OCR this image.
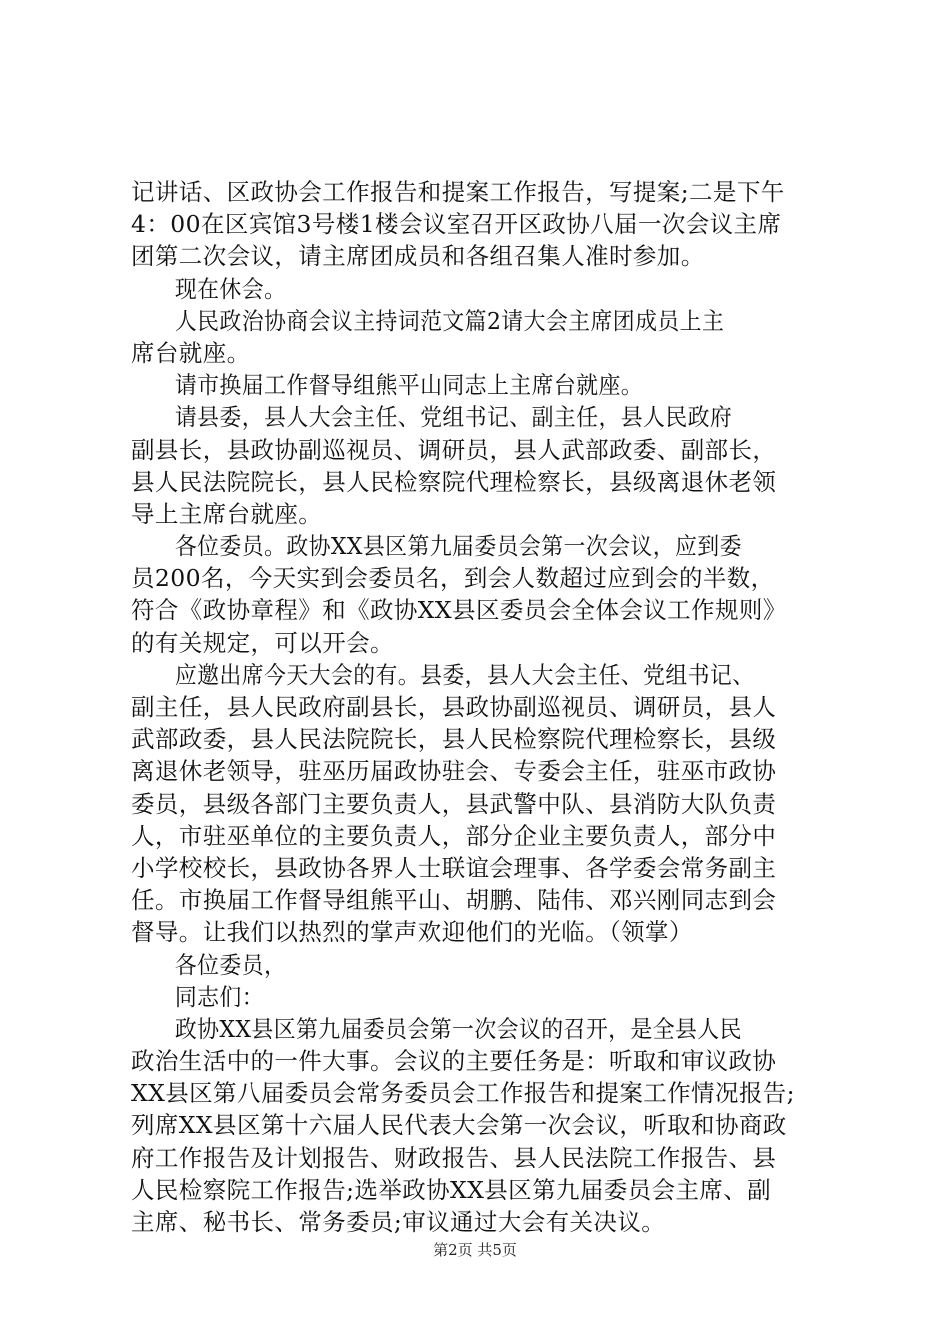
记讲话、区政协会工作报告和提案工作报告，写提案;二是下午
4：00在区宾馆3号楼1楼会议室召开区政协八届一次会议主席
团第二次会议，请主席团成员和各组召集人准时参加。
现在休会。
人民政治协商会议主持词范文篇2请大会主席团成员上主
席台就座。
请市换届工作督导组熊平山同志上主席台就座。
请县委，县人大会主任、党组书记、副主任，县人民政府
副县长，县政协副巡视员、调研员，县人武部政委、副部长，
县人民法院院长，县人民检察院代理检察长，县级离退休老领
导上主席台就座。
各位委员。政协XX县区第九届委员会第一次会议，应到委
员200名，今天实到会委员名，到会人数超过应到会的半数，
符合《政协章程》和《政协XX县区委员会全体会议工作规则》
的有关规定，可以开会。
应邀出席今天大会的有。县委，县人大会主任、党组书记、
副主任，县人民政府副县长，县政协副巡视员、调研员，县人
武部政委，县人民法院院长，县人民检察院代理检察长，县级
离退休老领导，驻巫历届政协驻会、专委会主任，驻巫市政协
委员，县级各部门主要负责人，县武警中队、县消防大队负责
人，市驻巫单位的主要负责人，部分企业主要负责人，部分中
小学校校长，县政协各界人士联谊会理事、各学委会常务副主
任。市换届工作督导组熊平山、胡鹏、陆伟、邓兴刚同志到会
督导。让我们以热烈的掌声欢迎他们的光临。（领掌）
各位委员，
同志们：
政协XX县区第九届委员会第一次会议的召开，是全县人民
政治生活中的一件大事。会议的主要任务是：听取和审议政协
XX县区第八届委员会常务委员会工作报告和提案工作情况报告;
列席XX县区第十六届人民代表大会第一次会议，听取和协商政
府工作报告及计划报告、财政报告、县人民法院工作报告、县
人民检察院工作报告;选举政协XX县区第九届委员会主席、副
主席、秘书长、常务委员;审议通过大会有关决议。
第2页 共5页
